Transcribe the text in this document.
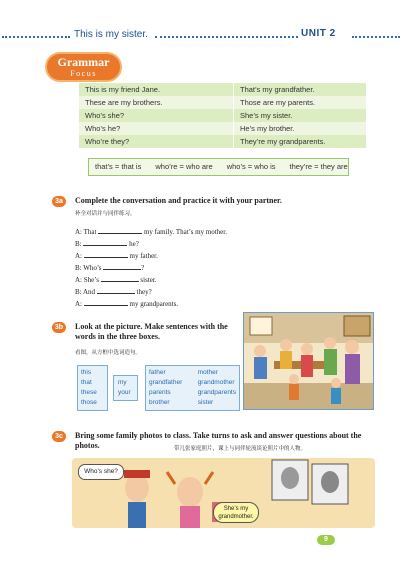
This is my sister.	UNIT 2
Grammar
Focus
This is my friend Jane.	That’s my grandfather.
These are my brothers.	Those are my parents.
Who’s she?	She’s my sister.
Who’s he?	He’s my brother.
Who’re they?	They’re my grandparents.
that’s = that is who’re = who are who’s = who is they’re = they are
3a	Complete the conversation and practice it with your partner.
补全对话并与同伴练习。
A: That	my family. That’s my mother.
B:	he?
A:	my father.
B: Who’s	?
A: She’s	sister.
B: And	they?
A:	my grandparents.
3b	Look at the picture. Make sentences with the words in the three boxes.
看图，从方框中选词造句。
this
that
these
those
my
your
father
grandfather
parents
brother
mother
grandmother
grandparents
sister
3c	Bring some family photos to class. Take turns to ask and answer questions about the photos.	带几张家庭照片，课上与同伴轮流谈论照片中的人物。
Who’s she?
She’s my grandmother.
9
